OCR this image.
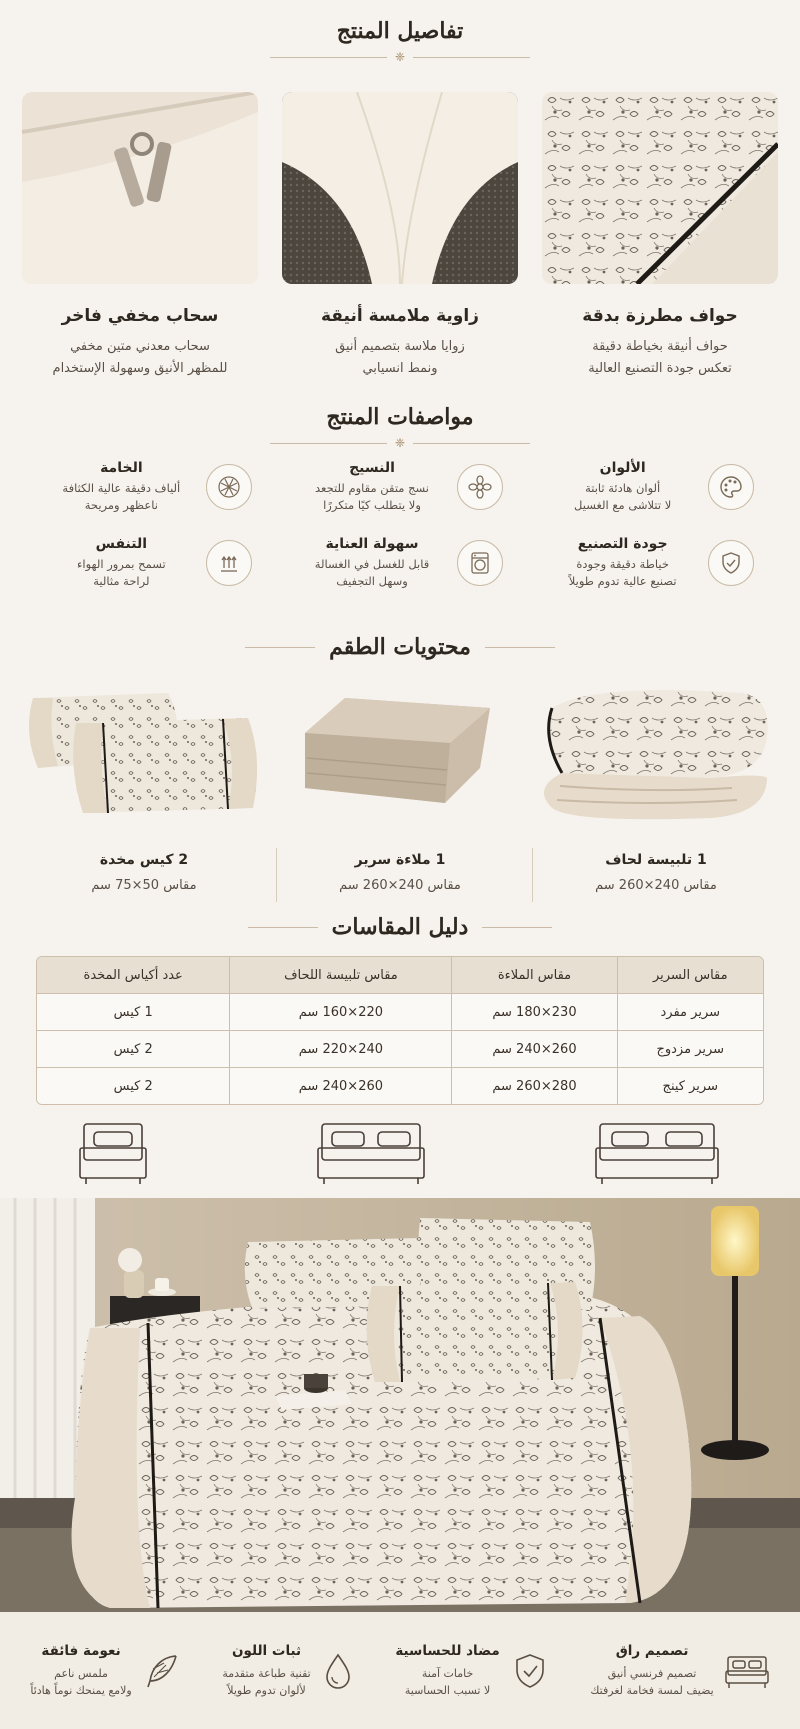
تفاصيل المنتج
❈
حواف مطرزة بدقة

حواف أنيقة بخياطة دقيقة

تعكس جودة التصنيع العالية

زاوية ملامسة أنيقة

زوايا ملاسة بتصميم أنيق

ونمط انسيابي

سحاب مخفي فاخر

سحاب معدني متين مخفي

للمظهر الأنيق وسهولة الإستخدام

مواصفات المنتج
❈
الألوان

ألوان هادئة ثابتة

لا تتلاشى مع الغسيل

النسيج

نسج متقن مقاوم للتجعد

ولا يتطلب كيًا متكررًا

الخامة

ألياف دقيقة عالية الكثافة

ناعظهر ومريحة

جودة التصنيع

خياطة دقيقة وجودة

تصنيع عالية تدوم طويلاً

سهولة العناية

قابل للغسل في الغسالة

وسهل التجفيف

التنفس

تسمح بمرور الهواء

لراحة مثالية

محتويات الطقم
1 تلبيسة لحاف

مقاس 240×260 سم

1 ملاءة سرير

مقاس 240×260 سم

2 كيس مخدة

مقاس 50×75 سم

دليل المقاسات
مقاس السرير	مقاس الملاءة	مقاس تلبيسة اللحاف	عدد أكياس المخدة
سرير مفرد	230×180 سم	220×160 سم	1 كيس
سرير مزدوج	260×240 سم	240×220 سم	2 كيس
سرير كينج	280×260 سم	260×240 سم	2 كيس
تصميم راق

تصميم فرنسي أنيق

يضيف لمسة فخامة لغرفتك

مضاد للحساسية

خامات آمنة

لا تسبب الحساسية

ثبات اللون

تقنية طباعة متقدمة

لألوان تدوم طويلاً

نعومة فائقة

ملمس ناعم

ولامع يمنحك نوماً هادئاً
